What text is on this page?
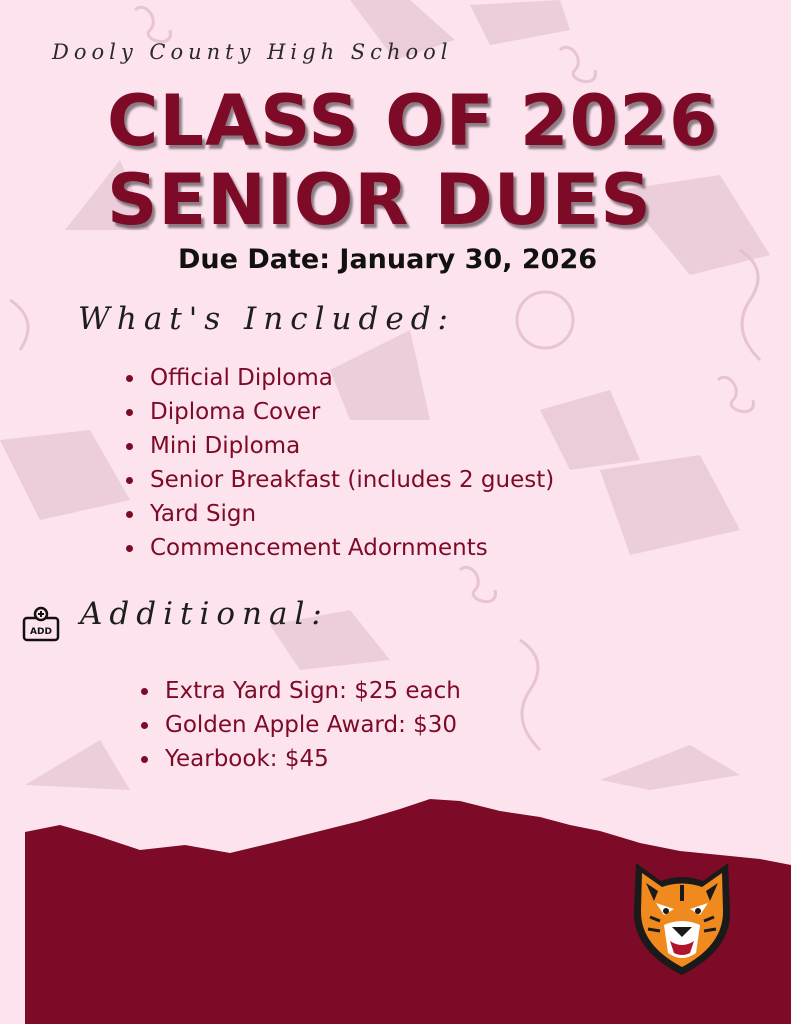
Dooly County High School
CLASS OF 2026
SENIOR DUES
Due Date: January 30, 2026
What's Included:
Official Diploma
Diploma Cover
Mini Diploma
Senior Breakfast (includes 2 guest)
Yard Sign
Commencement Adornments
ADD Additional:
Extra Yard Sign: $25 each
Golden Apple Award: $30
Yearbook: $45
